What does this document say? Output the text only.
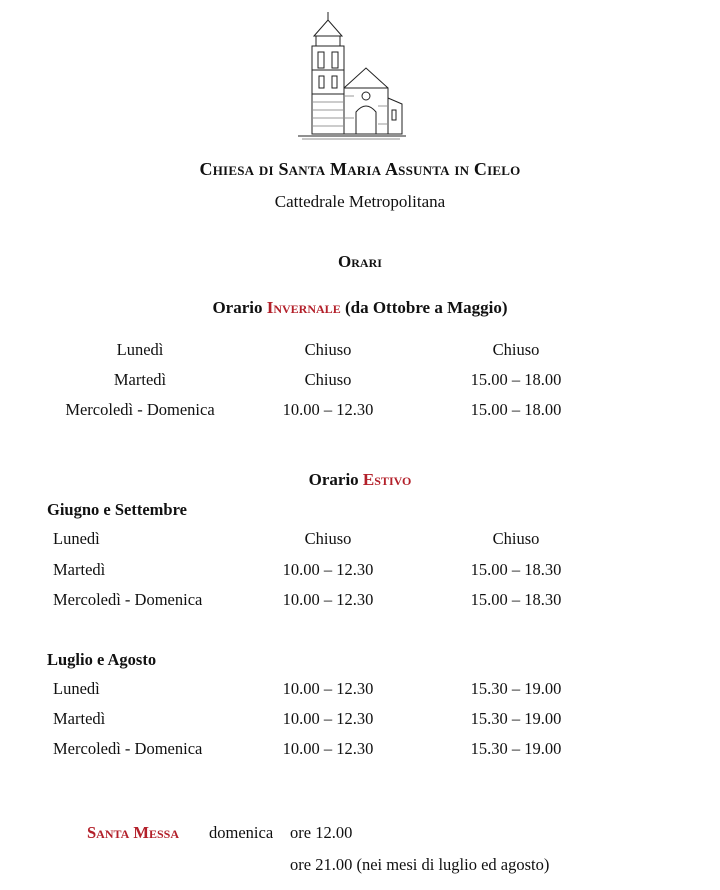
Chiesa di Santa Maria Assunta in Cielo
Cattedrale Metropolitana
Orari
Orario Invernale (da Ottobre a Maggio)
Lunedì	Chiuso	Chiuso
Martedì	Chiuso	15.00 – 18.00
Mercoledì - Domenica	10.00 – 12.30	15.00 – 18.00
Orario Estivo
Giugno e Settembre
Lunedì	Chiuso	Chiuso
Martedì	10.00 – 12.30	15.00 – 18.30
Mercoledì - Domenica	10.00 – 12.30	15.00 – 18.30
Luglio e Agosto
Lunedì	10.00 – 12.30	15.30 – 19.00
Martedì	10.00 – 12.30	15.30 – 19.00
Mercoledì - Domenica	10.00 – 12.30	15.30 – 19.00
Santa Messa domenica ore 12.00
ore 21.00 (nei mesi di luglio ed agosto)
